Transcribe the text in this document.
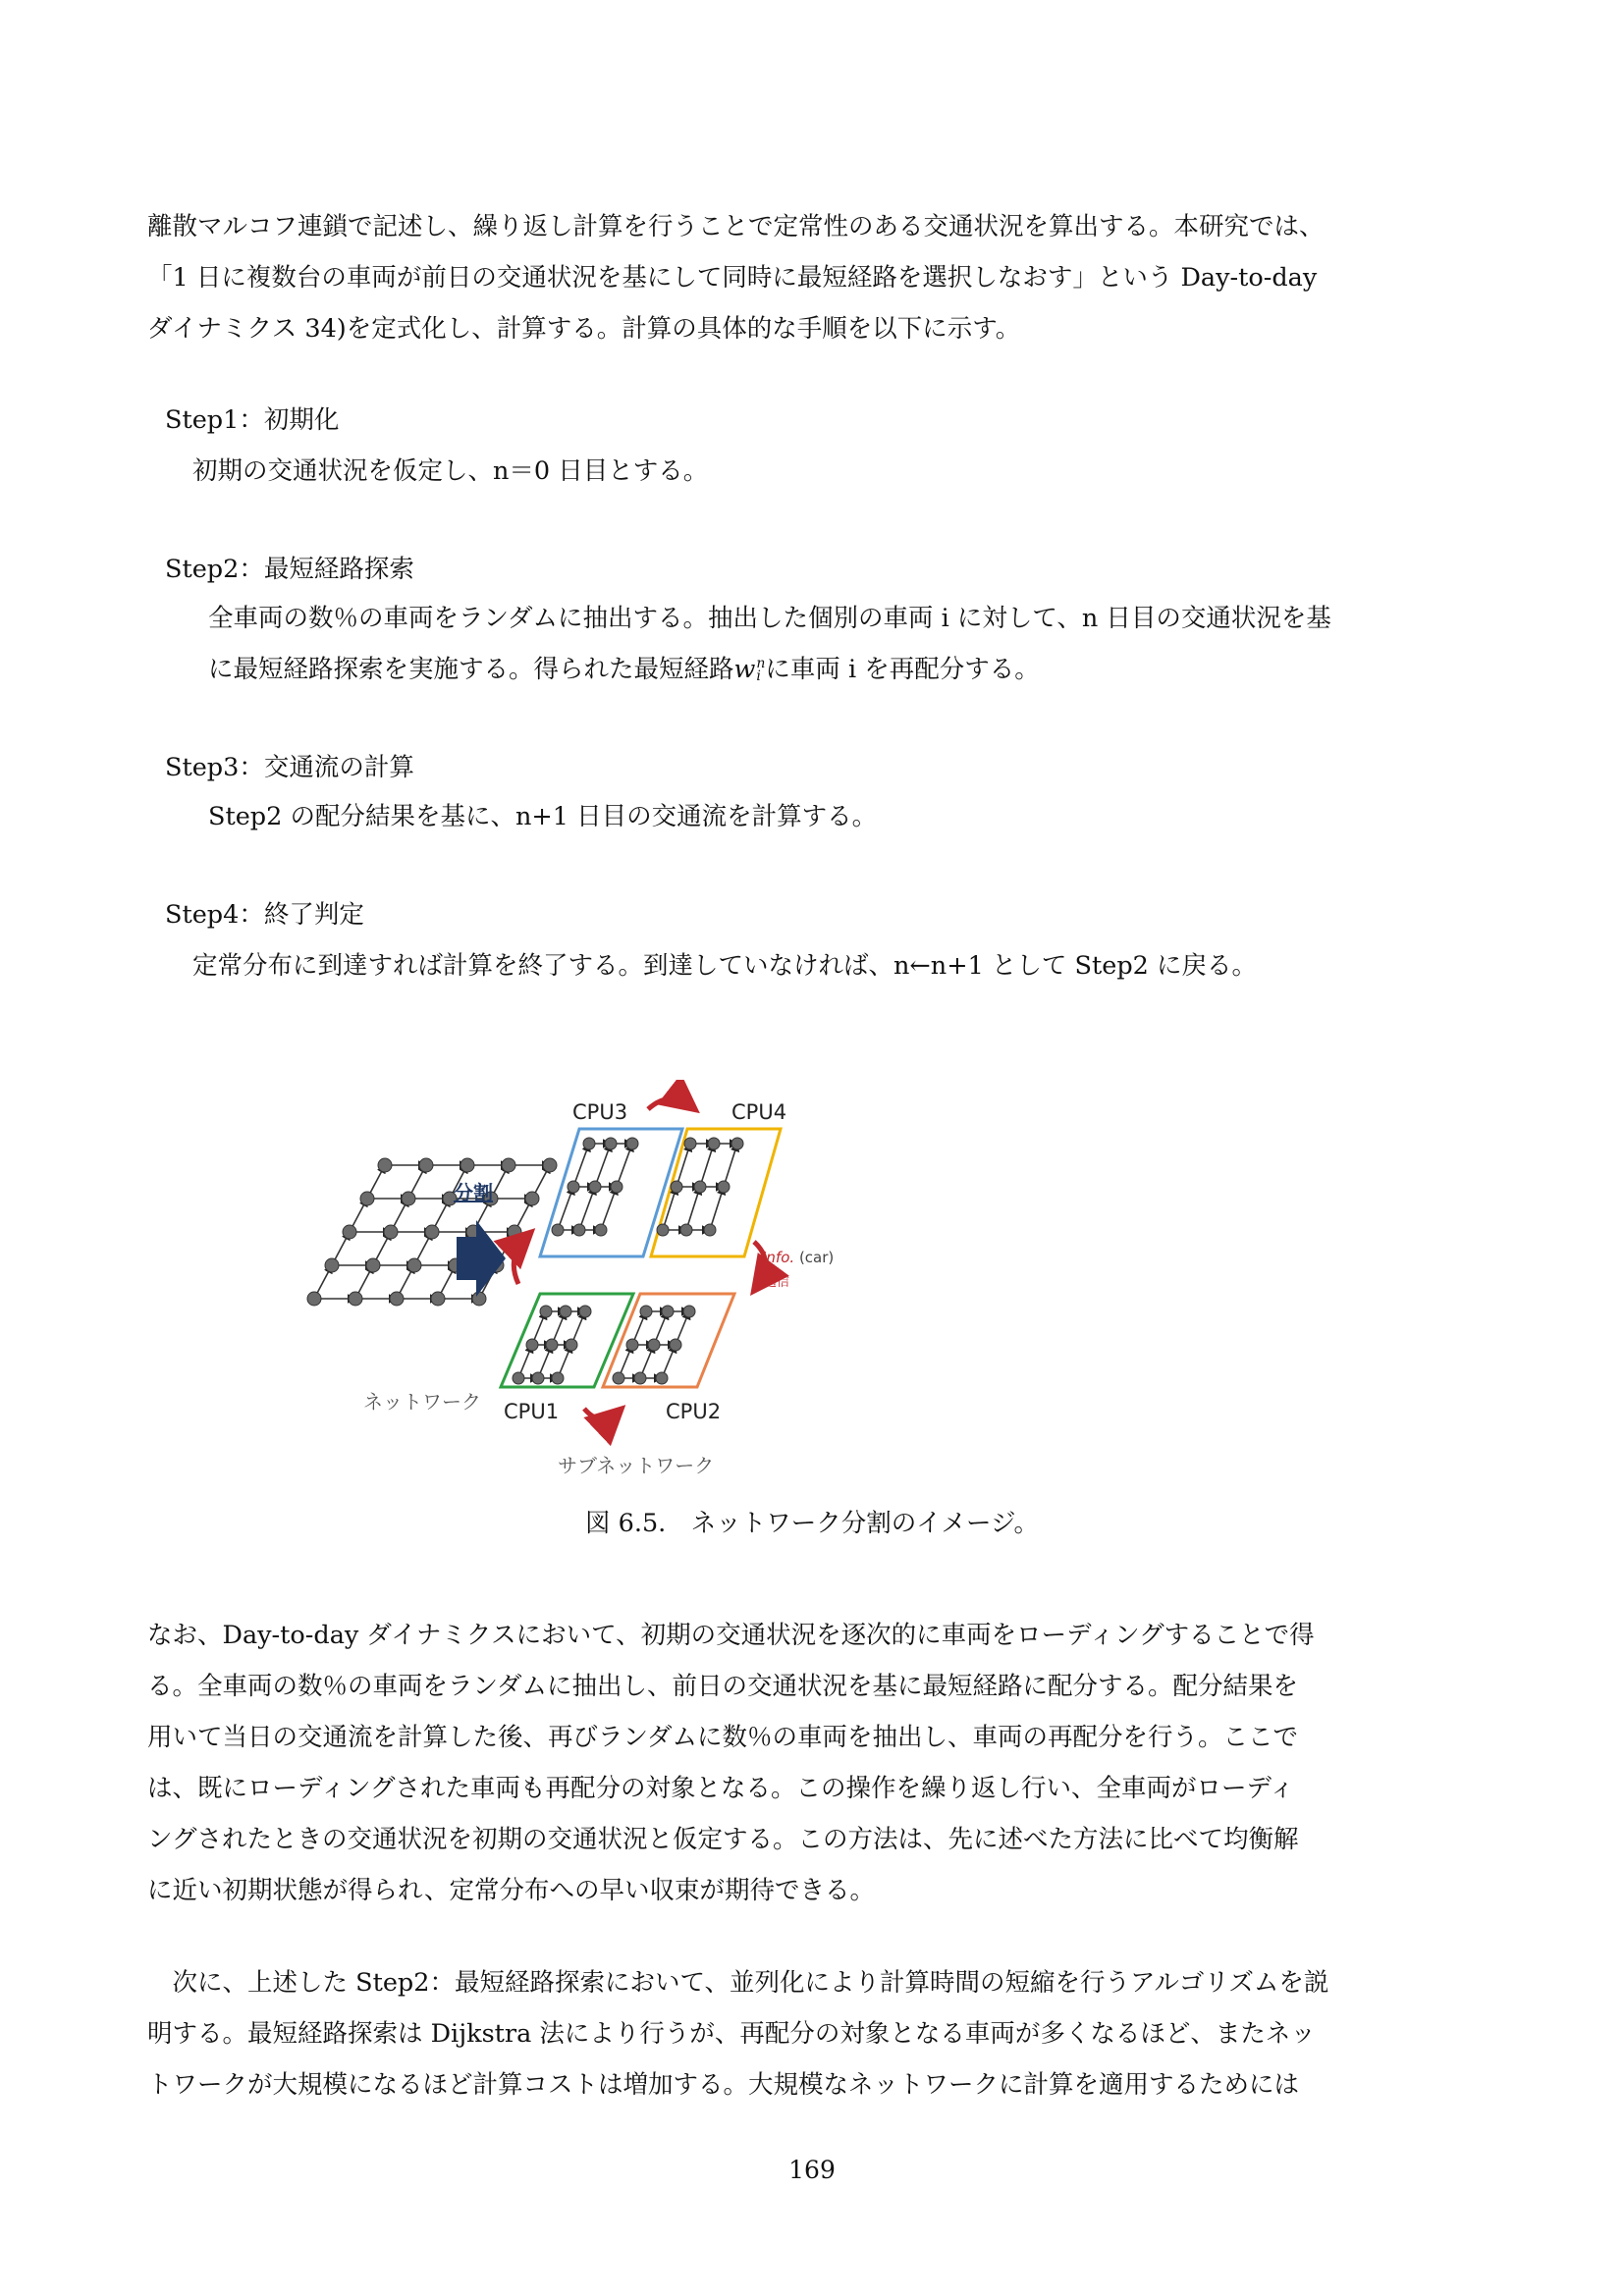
離散マルコフ連鎖で記述し、繰り返し計算を行うことで定常性のある交通状況を算出する。本研究では、
「1 日に複数台の車両が前日の交通状況を基にして同時に最短経路を選択しなおす」という Day-to-day
ダイナミクス 34)を定式化し、計算する。計算の具体的な手順を以下に示す。

Step1：初期化

初期の交通状況を仮定し、n＝0 日目とする。

Step2：最短経路探索

全車両の数％の車両をランダムに抽出する。抽出した個別の車両 i に対して、n 日目の交通状況を基

に最短経路探索を実施する。得られた最短経路w n
i に車両 i を再配分する。

Step3：交通流の計算

Step2 の配分結果を基に、n+1 日目の交通流を計算する。

Step4：終了判定

定常分布に到達すれば計算を終了する。到達していなければ、n←n+1 として Step2 に戻る。

ネットワーク
分割
CPU3	CPU4
CPU1	CPU2
Info. (car)
通信
サブネットワーク

図 6.5.　ネットワーク分割のイメージ。

なお、Day-to-day ダイナミクスにおいて、初期の交通状況を逐次的に車両をローディングすることで得
る。全車両の数％の車両をランダムに抽出し、前日の交通状況を基に最短経路に配分する。配分結果を
用いて当日の交通流を計算した後、再びランダムに数％の車両を抽出し、車両の再配分を行う。ここで
は、既にローディングされた車両も再配分の対象となる。この操作を繰り返し行い、全車両がローディ
ングされたときの交通状況を初期の交通状況と仮定する。この方法は、先に述べた方法に比べて均衡解
に近い初期状態が得られ、定常分布への早い収束が期待できる。
　次に、上述した Step2：最短経路探索において、並列化により計算時間の短縮を行うアルゴリズムを説
明する。最短経路探索は Dijkstra 法により行うが、再配分の対象となる車両が多くなるほど、またネッ
トワークが大規模になるほど計算コストは増加する。大規模なネットワークに計算を適用するためには

169
